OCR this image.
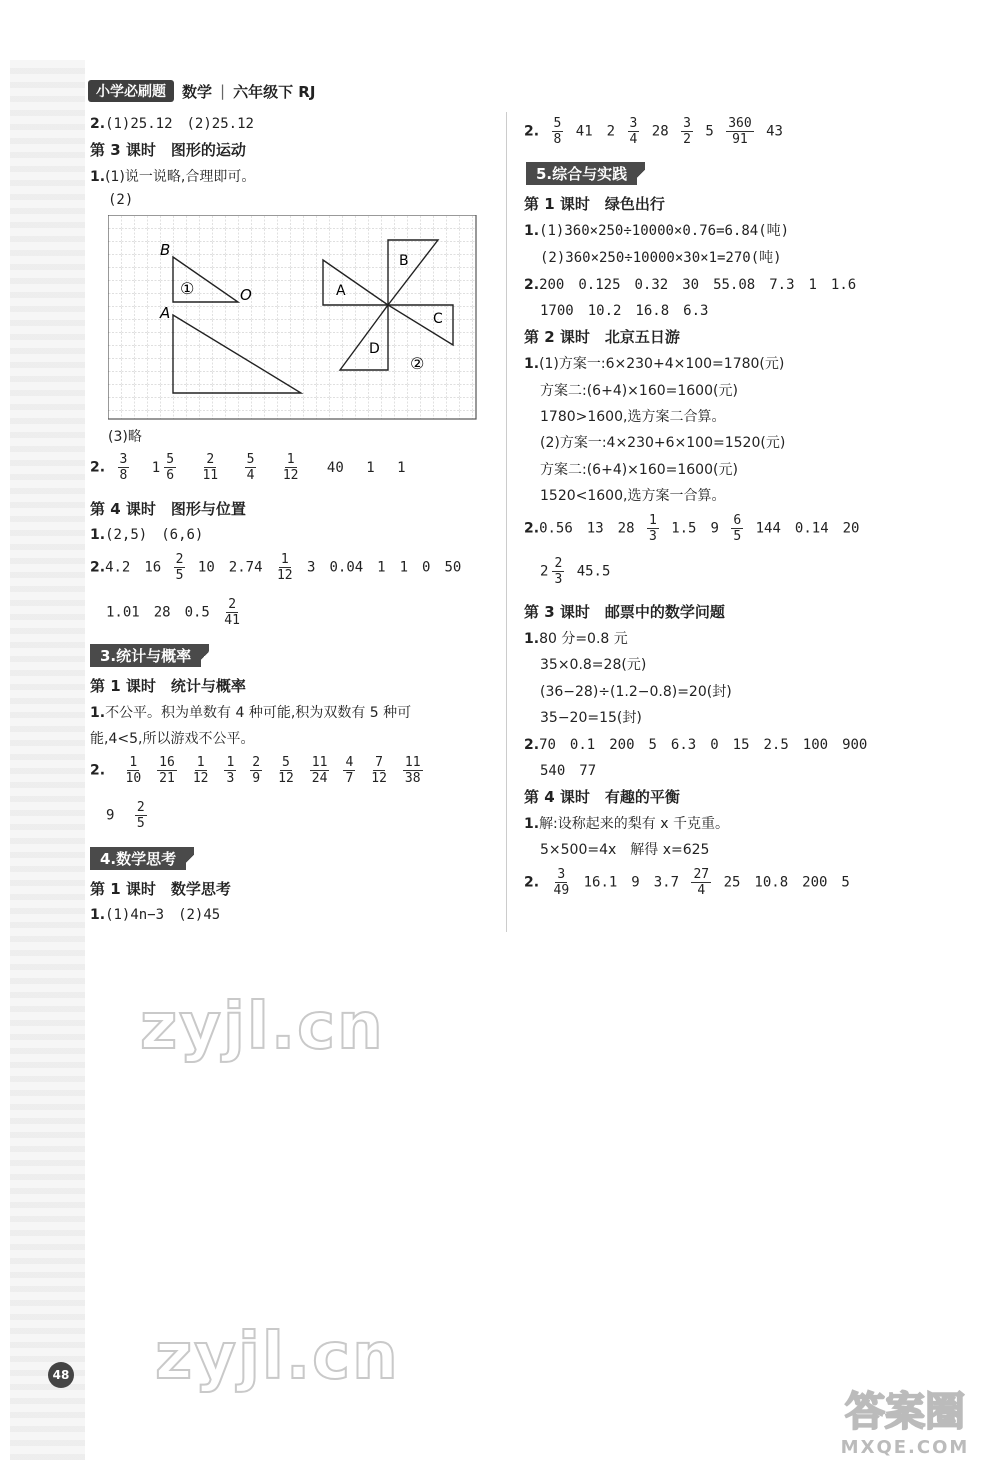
小学必刷题	数学 | 六年级下 RJ
2.(1)25.12　(2)25.12
第 3 课时　图形的运动
1.(1)说一说略,合理即可。
(2)
B
A
O
①
②
A
B
C
D
(3)略
2. $\frac{3}{8} 1 \frac{5}{6}$
$\frac{2}{11}$
$\frac{5}{4}$
$\frac{1}{12} 40$ 1 1
第 4 课时　图形与位置
1.(2,5)　(6,6)
2.4.2　$16 \frac{2}{5} 10$　$2.74 \frac{1}{12} 3$　0.04　1　1　0　50
1.01　28　$0.5 \frac{2}{41}$
3.统计与概率
第 1 课时　统计与概率
1.不公平。积为单数有 4 种可能,积为双数有 5 种可
能,4<5,所以游戏不公平。
2. $\frac{1}{10} \frac{16}{21} \frac{1}{12} \frac{1}{3} \frac{2}{9} \frac{5}{12} \frac{11}{24} \frac{4}{7} \frac{7}{12} \frac{11}{38}$
$9 \frac{2}{5}$
4.数学思考
第 1 课时　数学思考
1.(1)4n−3　(2)45
2. $\frac{5}{8} 41$　$2 \frac{3}{4} 28 \frac{3}{2} 5 \frac{360}{91} 43$
5.综合与实践
第 1 课时　绿色出行
1.(1)360×250÷10000×0.76=6.84(吨)
(2)360×250÷10000×30×1=270(吨)
2.200　0.125　0.32　30　55.08　7.3　1　1.6
1700　10.2　16.8　6.3
第 2 课时　北京五日游
1.(1)方案一:6×230+4×100=1780(元)
方案二:(6+4)×160=1600(元)
1780>1600,选方案二合算。
(2)方案一:4×230+6×100=1520(元)
方案二:(6+4)×160=1600(元)
1520<1600,选方案一合算。
2.0.56　13　$28 \frac{1}{3} 1.5$　$9 \frac{6}{5} 144$　0.14　20
$2 \frac{2}{3} 45.5$
第 3 课时　邮票中的数学问题
1.80 分=0.8 元
35×0.8=28(元)
(36−28)÷(1.2−0.8)=20(封)
35−20=15(封)
2.70　0.1　200　5　6.3　0　15　2.5　100　900
540　77
第 4 课时　有趣的平衡
1.解:设称起来的梨有 x 千克重。
5×500=4x　解得 x=625
2. $\frac{3}{49} 16.1$　9　$3.7 \frac{27}{4} 25$　10.8　200　5
zyjl.cn
zyjl.cn
48
答案圈
MXQE.COM
